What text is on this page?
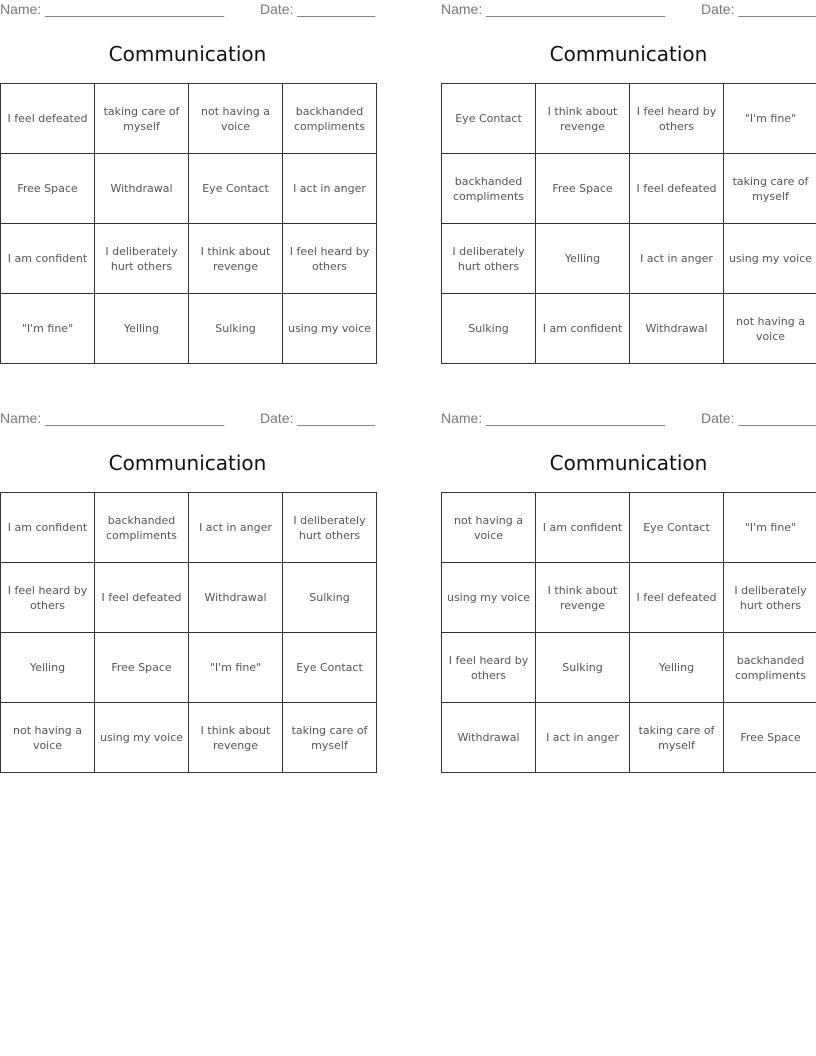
Name: _______________________	Date: __________
Communication
I feel defeated	taking care of myself	not having a voice	backhanded compliments
Free Space	Withdrawal	Eye Contact	I act in anger
I am confident	I deliberately hurt others	I think about revenge	I feel heard by others
"I'm fine"	Yelling	Sulking	using my voice
Name: _______________________	Date: __________
Communication
Eye Contact	I think about revenge	I feel heard by others	"I'm fine"
backhanded compliments	Free Space	I feel defeated	taking care of myself
I deliberately hurt others	Yelling	I act in anger	using my voice
Sulking	I am confident	Withdrawal	not having a voice
Name: _______________________	Date: __________
Communication
I am confident	backhanded compliments	I act in anger	I deliberately hurt others
I feel heard by others	I feel defeated	Withdrawal	Sulking
Yelling	Free Space	"I'm fine"	Eye Contact
not having a voice	using my voice	I think about revenge	taking care of myself
Name: _______________________	Date: __________
Communication
not having a voice	I am confident	Eye Contact	"I'm fine"
using my voice	I think about revenge	I feel defeated	I deliberately hurt others
I feel heard by others	Sulking	Yelling	backhanded compliments
Withdrawal	I act in anger	taking care of myself	Free Space
